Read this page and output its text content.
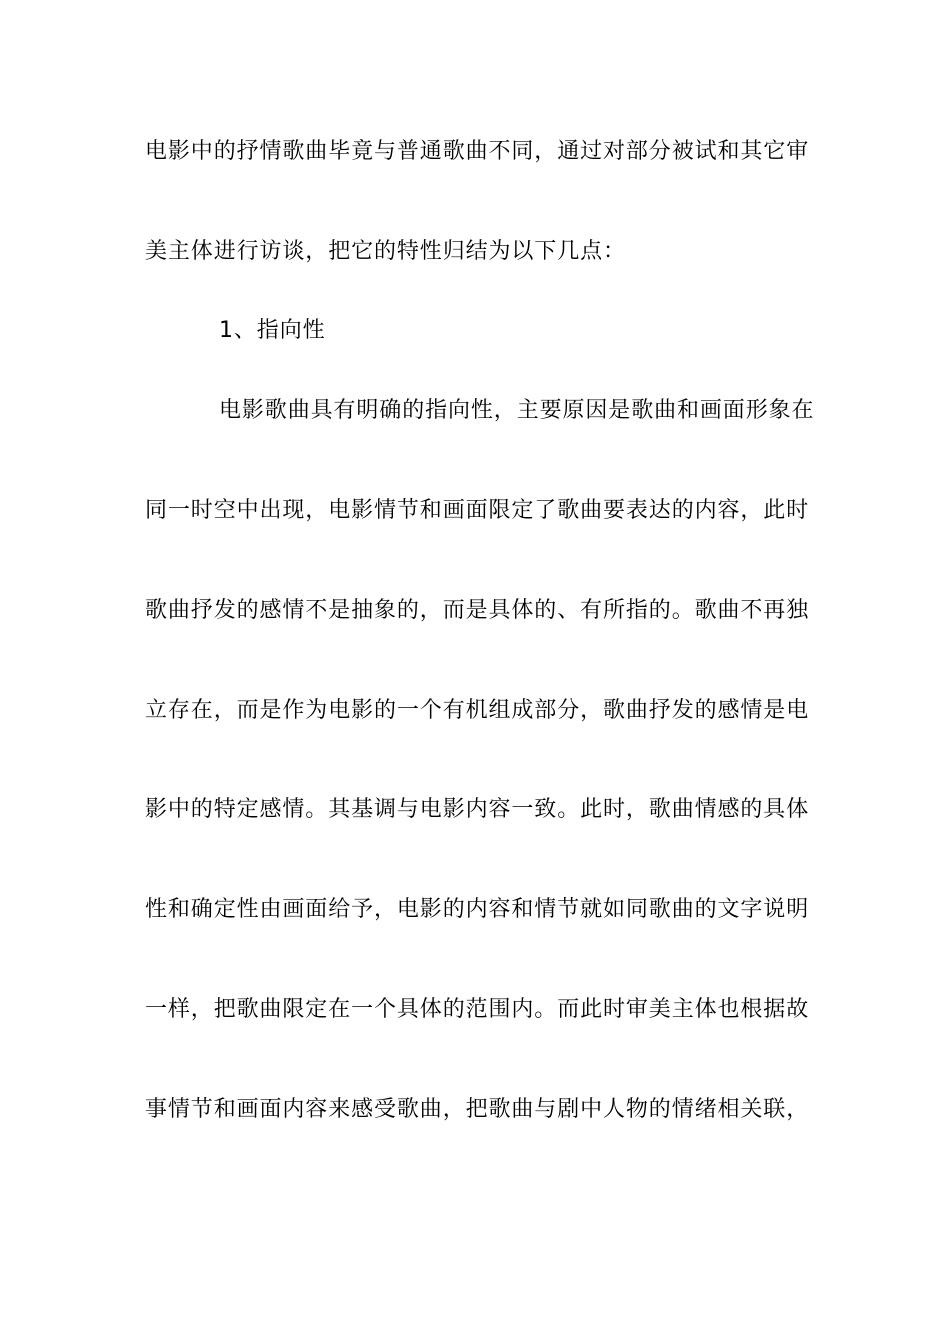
电影中的抒情歌曲毕竟与普通歌曲不同，通过对部分被试和其它审
美主体进行访谈，把它的特性归结为以下几点：
1、指向性
电影歌曲具有明确的指向性，主要原因是歌曲和画面形象在
同一时空中出现，电影情节和画面限定了歌曲要表达的内容，此时
歌曲抒发的感情不是抽象的，而是具体的、有所指的。歌曲不再独
立存在，而是作为电影的一个有机组成部分，歌曲抒发的感情是电
影中的特定感情。其基调与电影内容一致。此时，歌曲情感的具体
性和确定性由画面给予，电影的内容和情节就如同歌曲的文字说明
一样，把歌曲限定在一个具体的范围内。而此时审美主体也根据故
事情节和画面内容来感受歌曲，把歌曲与剧中人物的情绪相关联，
